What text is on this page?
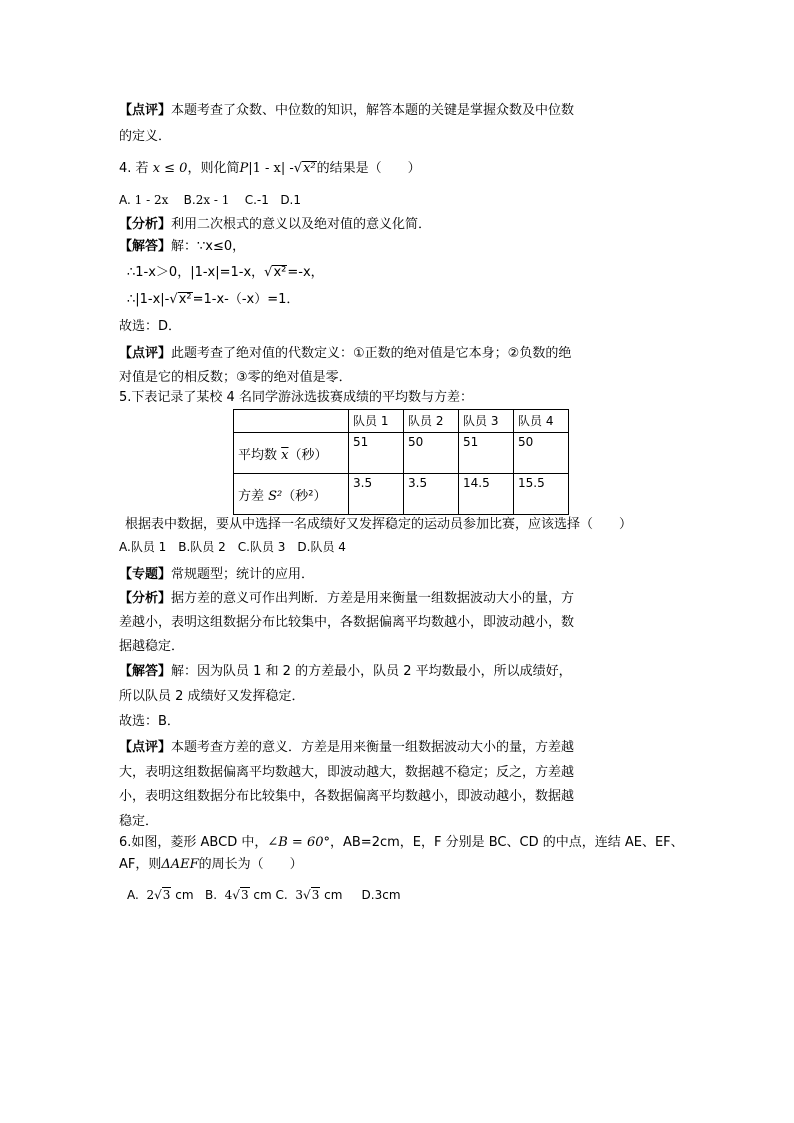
【点评】本题考查了众数、中位数的知识，解答本题的关键是掌握众数及中位数
的定义．
4. 若 x ≤ 0，则化简P|1 - x| -√x²的结果是（　　）
A. 1 - 2x B.2x - 1 C.-1 D.1
【分析】利用二次根式的意义以及绝对值的意义化简．
【解答】解：∵x≤0，
∴1-x＞0，|1-x|=1-x，√x²=-x，
∴|1-x|-√x²=1-x-（-x）=1．
故选：D．
【点评】此题考查了绝对值的代数定义：①正数的绝对值是它本身；②负数的绝
对值是它的相反数；③零的绝对值是零．
5.下表记录了某校 4 名同学游泳选拔赛成绩的平均数与方差：
	队员 1	队员 2	队员 3	队员 4
平均数 $\overline{x}$（秒）	51	50	51	50
方差 S²（秒²）	3.5	3.5	14.5	15.5
根据表中数据，要从中选择一名成绩好又发挥稳定的运动员参加比赛，应该选择（　　）
A.队员 1　B.队员 2　C.队员 3　D.队员 4
【专题】常规题型；统计的应用．
【分析】据方差的意义可作出判断．方差是用来衡量一组数据波动大小的量，方
差越小，表明这组数据分布比较集中，各数据偏离平均数越小，即波动越小，数
据越稳定．
【解答】解：因为队员 1 和 2 的方差最小，队员 2 平均数最小，所以成绩好，
所以队员 2 成绩好又发挥稳定．
故选：B．
【点评】本题考查方差的意义．方差是用来衡量一组数据波动大小的量，方差越
大，表明这组数据偏离平均数越大，即波动越大，数据越不稳定；反之，方差越
小，表明这组数据分布比较集中，各数据偏离平均数越小，即波动越小，数据越
稳定．
6.如图，菱形 ABCD 中，∠B = 60°，AB=2cm，E，F 分别是 BC、CD 的中点，连结 AE、EF、
AF，则ΔAEF的周长为（　　）
A. 2√3 cm B. 4√3 cm C. 3√3 cm D.3cm
